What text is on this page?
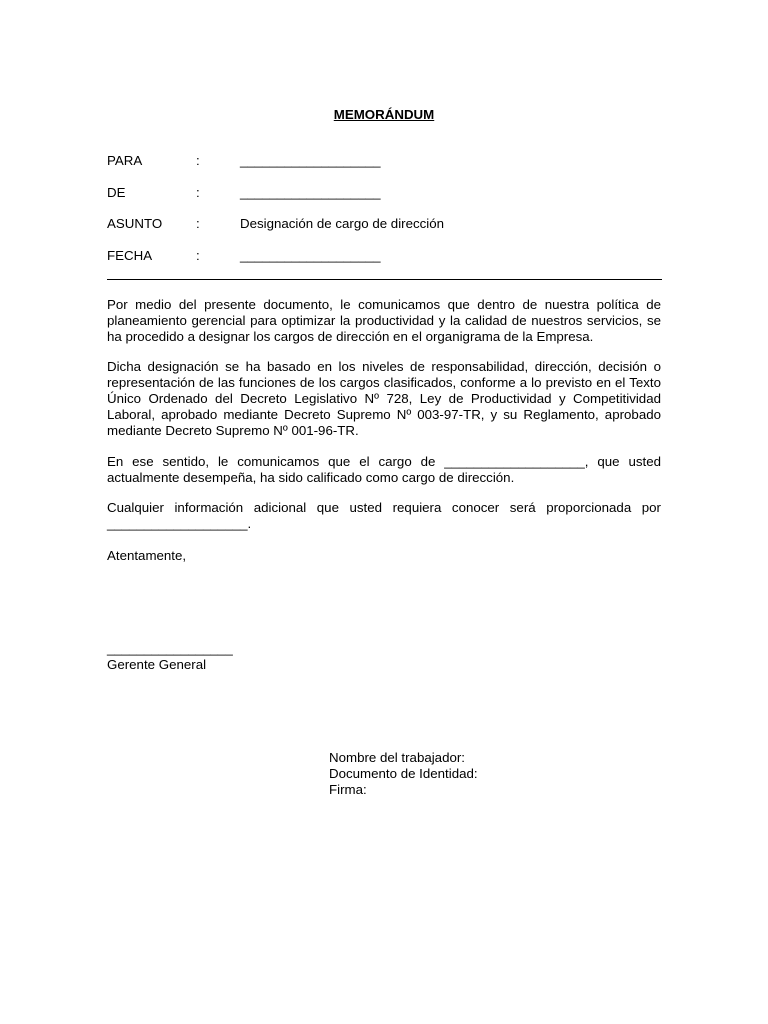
MEMORÁNDUM
PARA	:	___________________
DE	:	___________________
ASUNTO	:	Designación de cargo de dirección
FECHA	:	___________________

Por medio del presente documento, le comunicamos que dentro de nuestra política de planeamiento gerencial para optimizar la productividad y la calidad de nuestros servicios, se ha procedido a designar los cargos de dirección en el organigrama de la Empresa.

Dicha designación se ha basado en los niveles de responsabilidad, dirección, decisión o representación de las funciones de los cargos clasificados, conforme a lo previsto en el Texto Único Ordenado del Decreto Legislativo Nº 728, Ley de Productividad y Competitividad Laboral, aprobado mediante Decreto Supremo Nº 003-97-TR, y su Reglamento, aprobado mediante Decreto Supremo Nº 001-96-TR.

En ese sentido, le comunicamos que el cargo de ___________________, que usted actualmente desempeña, ha sido calificado como cargo de dirección.

Cualquier información adicional que usted requiera conocer será proporcionada por ___________________.

Atentamente,
_________________
Gerente General
Nombre del trabajador:
Documento de Identidad:
Firma:
